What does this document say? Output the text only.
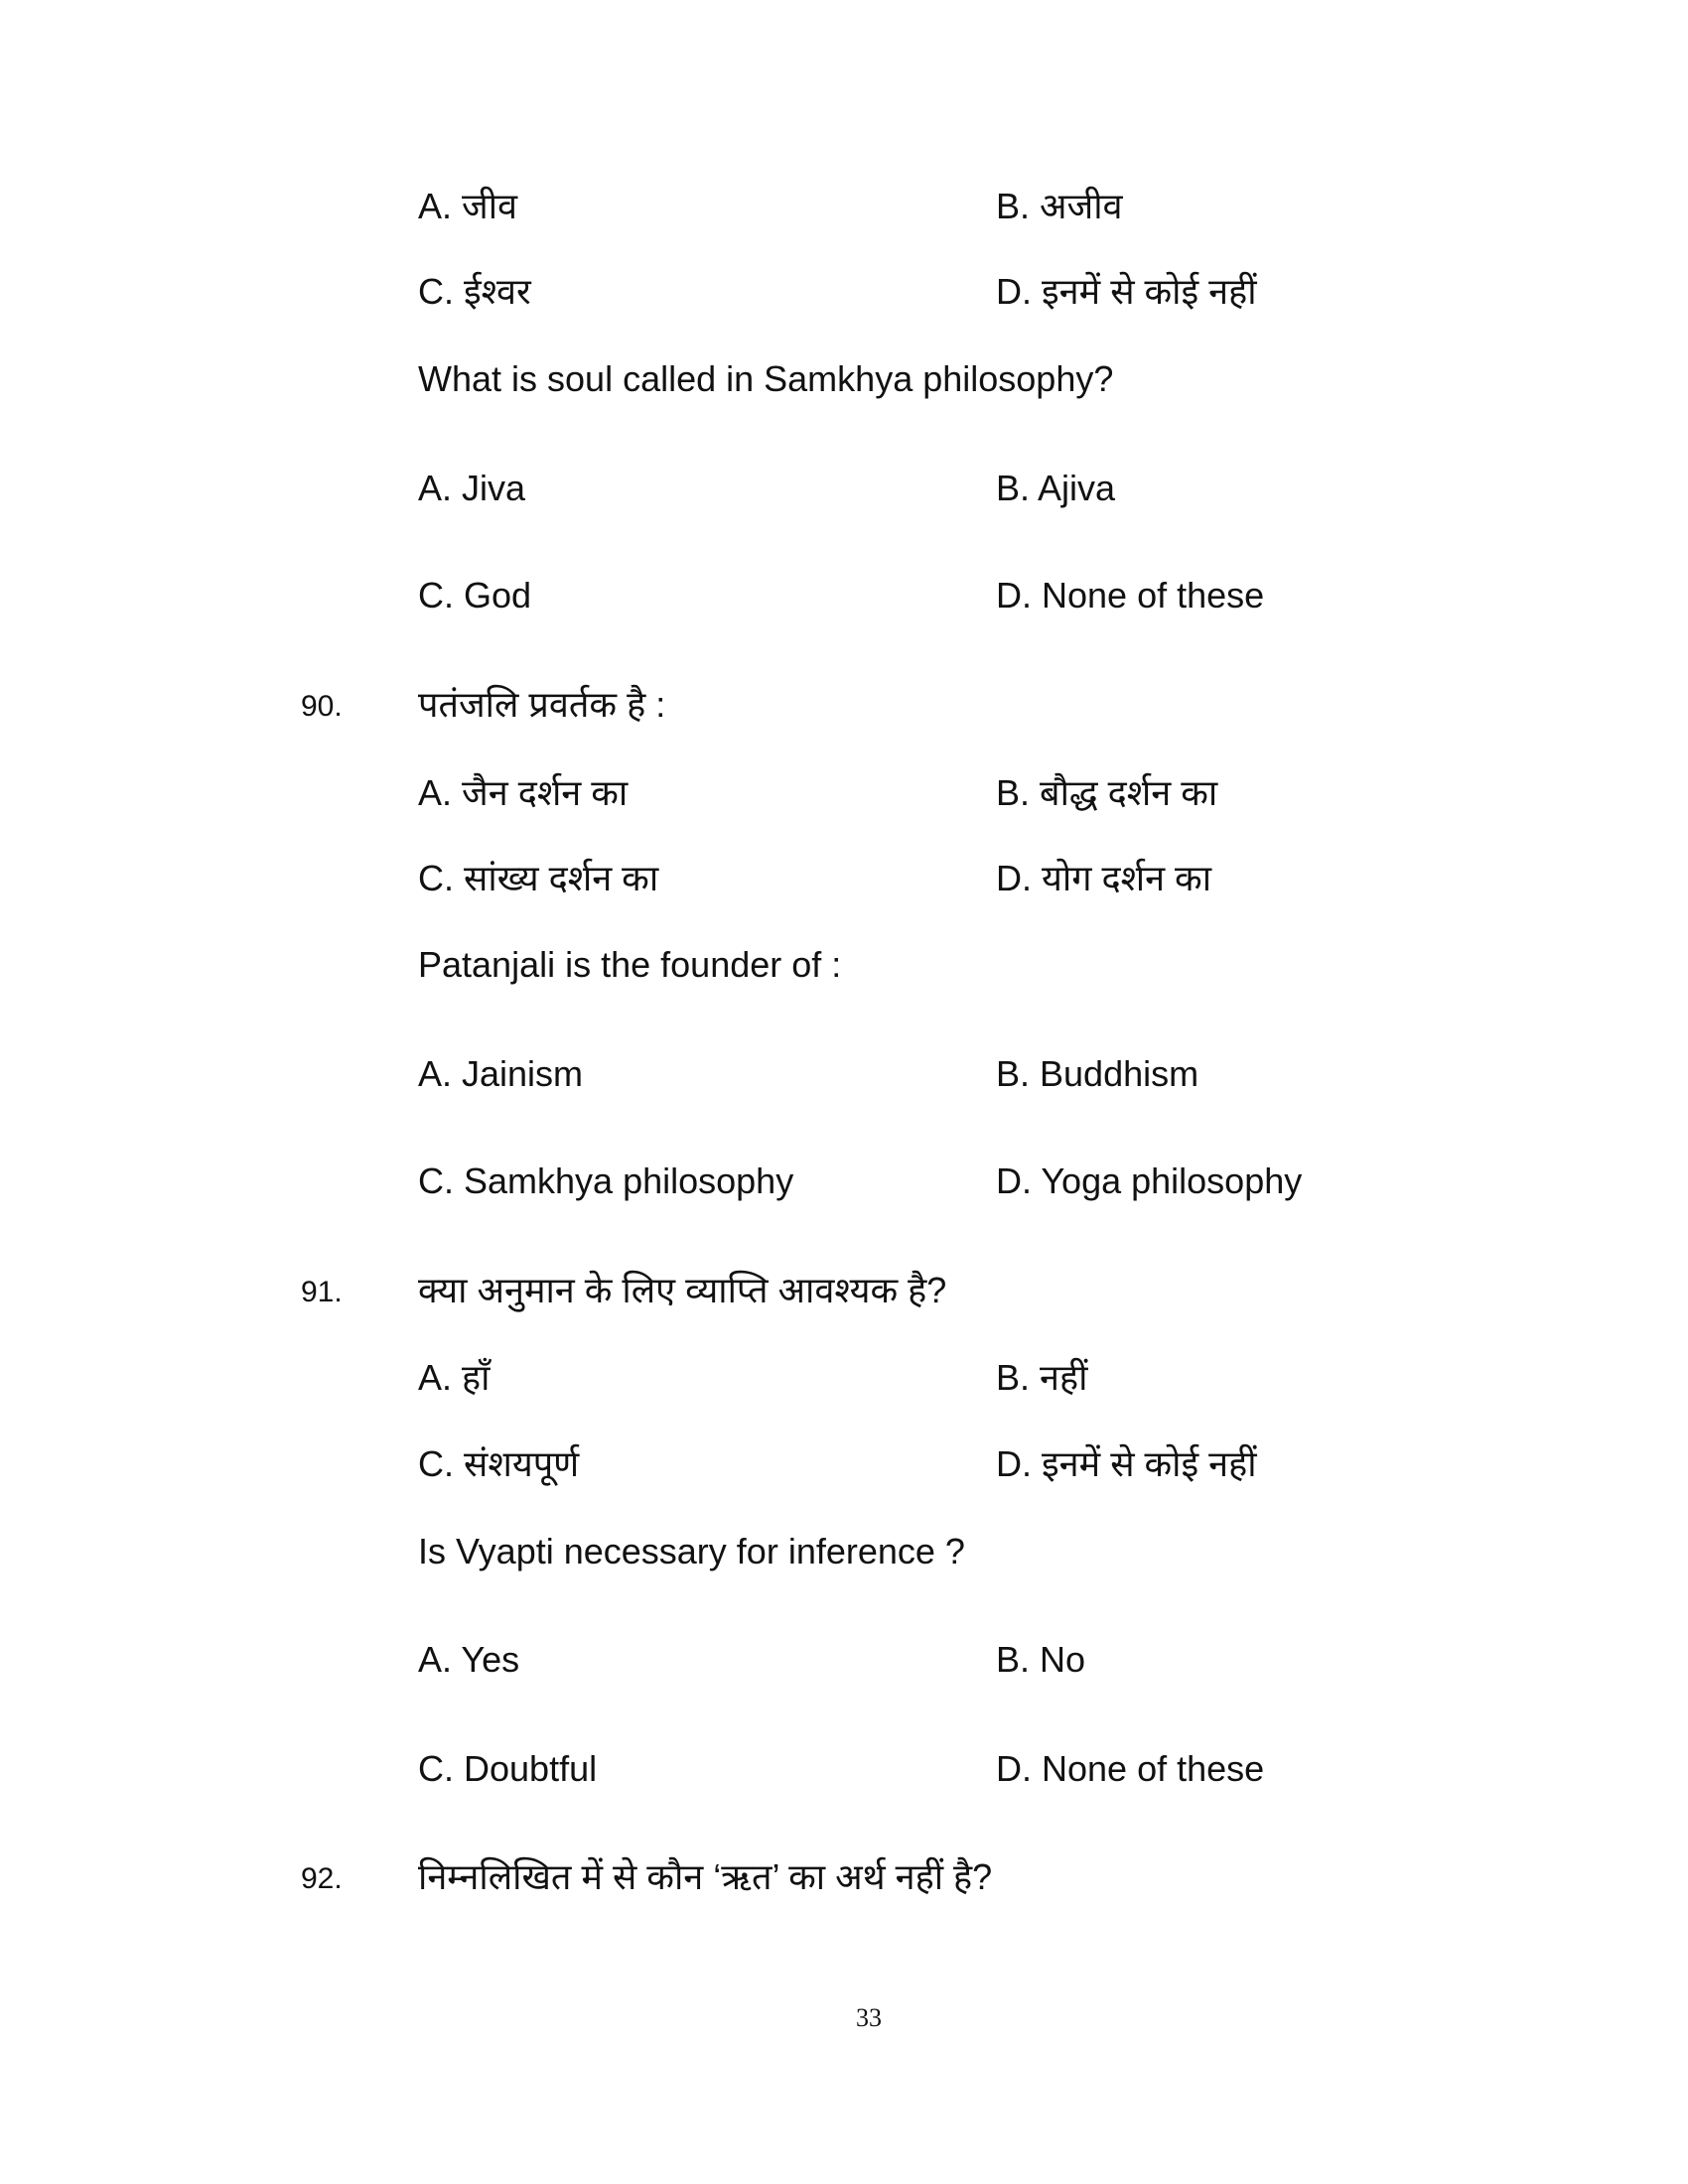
A. जीव	B. अजीव
C. ईश्वर	D. इनमें से कोई नहीं
What is soul called in Samkhya philosophy?
A. Jiva	B. Ajiva
C. God	D. None of these
90. पतंजलि प्रवर्तक है :
A. जैन दर्शन का	B. बौद्ध दर्शन का
C. सांख्य दर्शन का	D. योग दर्शन का
Patanjali is the founder of :
A. Jainism	B. Buddhism
C. Samkhya philosophy	D. Yoga philosophy
91. क्या अनुमान के लिए व्याप्ति आवश्यक है?
A. हाँ	B. नहीं
C. संशयपूर्ण	D. इनमें से कोई नहीं
Is Vyapti necessary for inference ?
A. Yes	B. No
C. Doubtful	D. None of these
92. निम्नलिखित में से कौन ‘ऋत’ का अर्थ नहीं है?
33
